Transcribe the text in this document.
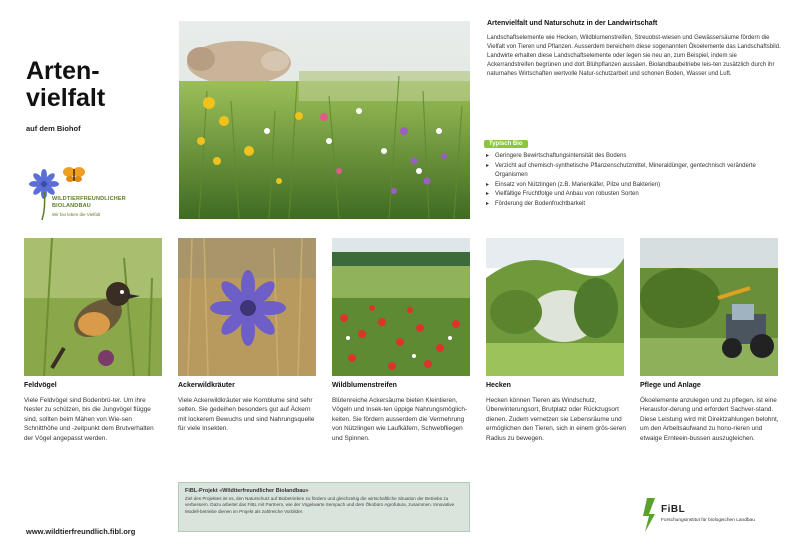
Arten-
vielfalt
auf dem Biohof
WILDTIERFREUNDLICHER
BIOLANDBAU
Wir bio leben die Vielfalt
Artenvielfalt und Naturschutz in der Landwirtschaft
Landschaftselemente wie Hecken, Wildblumenstreifen, Streuobst-wiesen und Gewässersäume fördern die Vielfalt von Tieren und Pflanzen. Ausserdem bereichern diese sogenannten Ökoelemente das Landschaftsbild. Landwirte erhalten diese Landschaftselemente oder legen sie neu an, zum Beispiel, indem sie Ackerrandstreifen begrünen und dort Blühpflanzen aussäen. Biolandbaubetriebe leis-ten zusätzlich durch ihr naturnahes Wirtschaften wertvolle Natur-schutzarbeit und schonen Boden, Wasser und Luft.
Typisch Bio
▸ Geringere Bewirtschaftungsintensität des Bodens
▸ Verzicht auf chemisch-synthetische Pflanzenschutzmittel, Mineraldünger, gentechnisch veränderte Organismen
▸ Einsatz von Nützlingen (z.B. Marienkäfer, Pilze und Bakterien)
▸ Vielfältige Fruchtfolge und Anbau von robusten Sorten
▸ Förderung der Bodenfruchtbarkeit
Feldvögel
Viele Feldvögel sind Bodenbrü-ter. Um ihre Nester zu schützen, bis die Jungvögel flügge sind, sollten beim Mähen von Wie-sen Schnitthöhe und -zeitpunkt dem Brutverhalten der Vögel angepasst werden.
Ackerwildkräuter
Viele Ackerwildkräuter wie Kornblume sind sehr selten. Sie gedeihen besonders gut auf Äckern mit lockerem Bewuchs und sind Nahrungsquelle für viele Insekten.
Wildblumenstreifen
Blütenreiche Ackersäume bieten Kleintieren, Vögeln und Insek-ten üppige Nahrungsmöglich-keiten. Sie fördern ausserdem die Vermehrung von Nützlingen wie Laufkäfern, Schwebfliegen und Spinnen.
Hecken
Hecken können Tieren als Windschutz, Überwinterungsort, Brutplatz oder Rückzugsort dienen. Zudem vernetzen sie Lebensräume und ermöglichen den Tieren, sich in einem grös-seren Radius zu bewegen.
Pflege und Anlage
Ökoelemente anzulegen und zu pflegen, ist eine Herausfor-derung und erfordert Sachver-stand. Diese Leistung wird mit Direktzahlungen belohnt, um den Arbeitsaufwand zu hono-rieren und etwaige Ernteein-bussen auszugleichen.
FiBL-Projekt «Wildtierfreundlicher Biolandbau»
Ziel des Projektes ist es, den Naturschutz auf Biobetrieben zu fördern und gleichzeitig die wirtschaftliche Situation der Betriebe zu verbessern. Dazu arbeitet das FiBL mit Partnern, wie der Vogelwarte Sempach und dem Ökobüro Agrofutura, zusammen. Innovative Modell-betriebe dienen im Projekt als zahlreiche Vorbilder.
www.wildtierfreundlich.fibl.org
FiBL
Forschungsinstitut für biologischen Landbau
